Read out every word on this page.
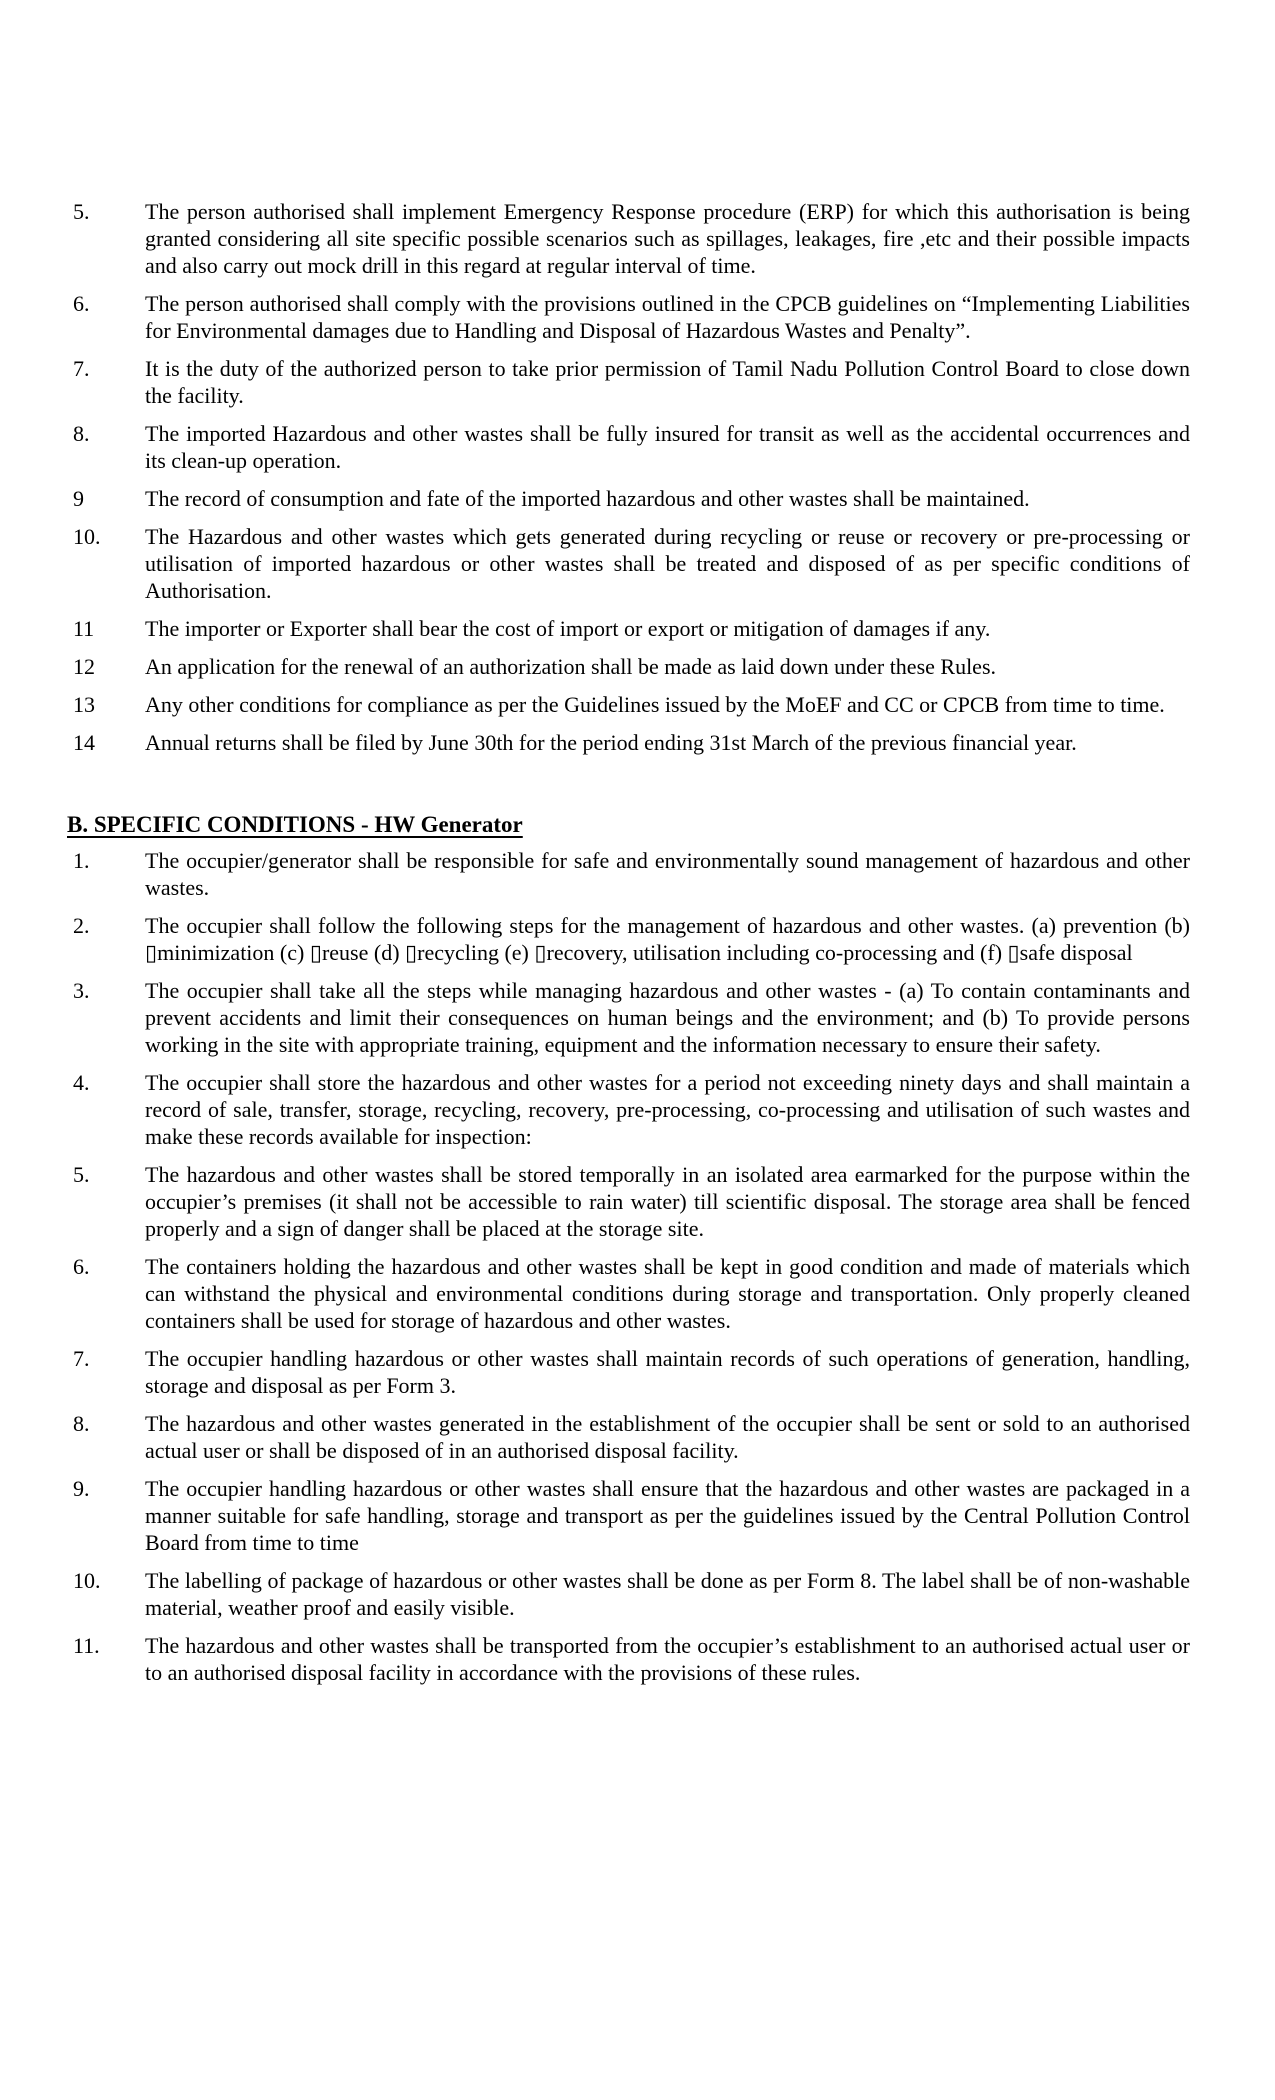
5.	The person authorised shall implement Emergency Response procedure (ERP) for which this authorisation is being granted considering all site specific possible scenarios such as spillages, leakages, fire ,etc and their possible impacts and also carry out mock drill in this regard at regular interval of time.
6.	The person authorised shall comply with the provisions outlined in the CPCB guidelines on “Implementing Liabilities for Environmental damages due to Handling and Disposal of Hazardous Wastes and Penalty”.
7.	It is the duty of the authorized person to take prior permission of Tamil Nadu Pollution Control Board to close down the facility.
8.	The imported Hazardous and other wastes shall be fully insured for transit as well as the accidental occurrences and its clean-up operation.
9	The record of consumption and fate of the imported hazardous and other wastes shall be maintained.
10.	The Hazardous and other wastes which gets generated during recycling or reuse or recovery or pre-processing or utilisation of imported hazardous or other wastes shall be treated and disposed of as per specific conditions of Authorisation.
11	The importer or Exporter shall bear the cost of import or export or mitigation of damages if any.
12	An application for the renewal of an authorization shall be made as laid down under these Rules.
13	Any other conditions for compliance as per the Guidelines issued by the MoEF and CC or CPCB from time to time.
14	Annual returns shall be filed by June 30th for the period ending 31st March of the previous financial year.
B. SPECIFIC CONDITIONS - HW Generator
1.	The occupier/generator shall be responsible for safe and environmentally sound management of hazardous and other wastes.
2.	The occupier shall follow the following steps for the management of hazardous and other wastes. (a) prevention (b) ▯minimization (c) ▯reuse (d) ▯recycling (e) ▯recovery, utilisation including co-processing and (f) ▯safe disposal
3.	The occupier shall take all the steps while managing hazardous and other wastes - (a) To contain contaminants and prevent accidents and limit their consequences on human beings and the environment; and (b) To provide persons working in the site with appropriate training, equipment and the information necessary to ensure their safety.
4.	The occupier shall store the hazardous and other wastes for a period not exceeding ninety days and shall maintain a record of sale, transfer, storage, recycling, recovery, pre-processing, co-processing and utilisation of such wastes and make these records available for inspection:
5.	The hazardous and other wastes shall be stored temporally in an isolated area earmarked for the purpose within the occupier’s premises (it shall not be accessible to rain water) till scientific disposal. The storage area shall be fenced properly and a sign of danger shall be placed at the storage site.
6.	The containers holding the hazardous and other wastes shall be kept in good condition and made of materials which can withstand the physical and environmental conditions during storage and transportation. Only properly cleaned containers shall be used for storage of hazardous and other wastes.
7.	The occupier handling hazardous or other wastes shall maintain records of such operations of generation, handling, storage and disposal as per Form 3.
8.	The hazardous and other wastes generated in the establishment of the occupier shall be sent or sold to an authorised actual user or shall be disposed of in an authorised disposal facility.
9.	The occupier handling hazardous or other wastes shall ensure that the hazardous and other wastes are packaged in a manner suitable for safe handling, storage and transport as per the guidelines issued by the Central Pollution Control Board from time to time
10.	The labelling of package of hazardous or other wastes shall be done as per Form 8. The label shall be of non-washable material, weather proof and easily visible.
11.	The hazardous and other wastes shall be transported from the occupier’s establishment to an authorised actual user or to an authorised disposal facility in accordance with the provisions of these rules.
